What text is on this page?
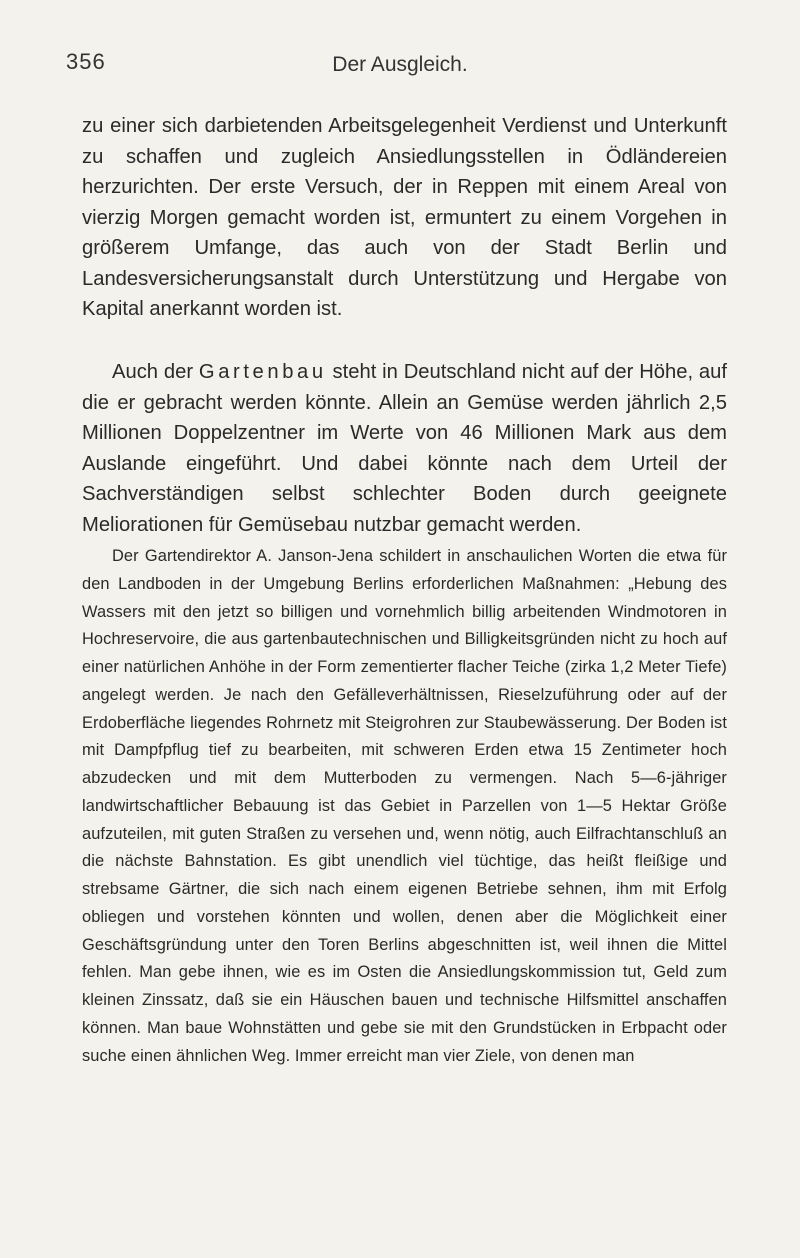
356	Der Ausgleich.

zu einer sich darbietenden Arbeitsgelegenheit Verdienst und Unterkunft zu schaffen und zugleich Ansiedlungsstellen in Ödländereien herzurichten. Der erste Versuch, der in Reppen mit einem Areal von vierzig Morgen gemacht worden ist, ermuntert zu einem Vorgehen in größerem Umfange, das auch von der Stadt Berlin und Landesversicherungsanstalt durch Unterstützung und Hergabe von Kapital anerkannt worden ist.

Auch der Gartenbau steht in Deutschland nicht auf der Höhe, auf die er gebracht werden könnte. Allein an Gemüse werden jährlich 2,5 Millionen Doppelzentner im Werte von 46 Millionen Mark aus dem Auslande eingeführt. Und dabei könnte nach dem Urteil der Sachverständigen selbst schlechter Boden durch geeignete Meliorationen für Gemüsebau nutzbar gemacht werden.

Der Gartendirektor A. Janson-Jena schildert in anschaulichen Worten die etwa für den Landboden in der Umgebung Berlins erforderlichen Maßnahmen: „Hebung des Wassers mit den jetzt so billigen und vornehmlich billig arbeitenden Windmotoren in Hochreservoire, die aus gartenbautechnischen und Billigkeitsgründen nicht zu hoch auf einer natürlichen Anhöhe in der Form zementierter flacher Teiche (zirka 1,2 Meter Tiefe) angelegt werden. Je nach den Gefälleverhältnissen, Rieselzuführung oder auf der Erdoberfläche liegendes Rohrnetz mit Steigrohren zur Staubewässerung. Der Boden ist mit Dampfpflug tief zu bearbeiten, mit schweren Erden etwa 15 Zentimeter hoch abzudecken und mit dem Mutterboden zu vermengen. Nach 5—6-jähriger landwirtschaftlicher Bebauung ist das Gebiet in Parzellen von 1—5 Hektar Größe aufzuteilen, mit guten Straßen zu versehen und, wenn nötig, auch Eilfrachtanschluß an die nächste Bahnstation. Es gibt unendlich viel tüchtige, das heißt fleißige und strebsame Gärtner, die sich nach einem eigenen Betriebe sehnen, ihm mit Erfolg obliegen und vorstehen könnten und wollen, denen aber die Möglichkeit einer Geschäftsgründung unter den Toren Berlins abgeschnitten ist, weil ihnen die Mittel fehlen. Man gebe ihnen, wie es im Osten die Ansiedlungskommission tut, Geld zum kleinen Zinssatz, daß sie ein Häuschen bauen und technische Hilfsmittel anschaffen können. Man baue Wohnstätten und gebe sie mit den Grundstücken in Erbpacht oder suche einen ähnlichen Weg. Immer erreicht man vier Ziele, von denen man
